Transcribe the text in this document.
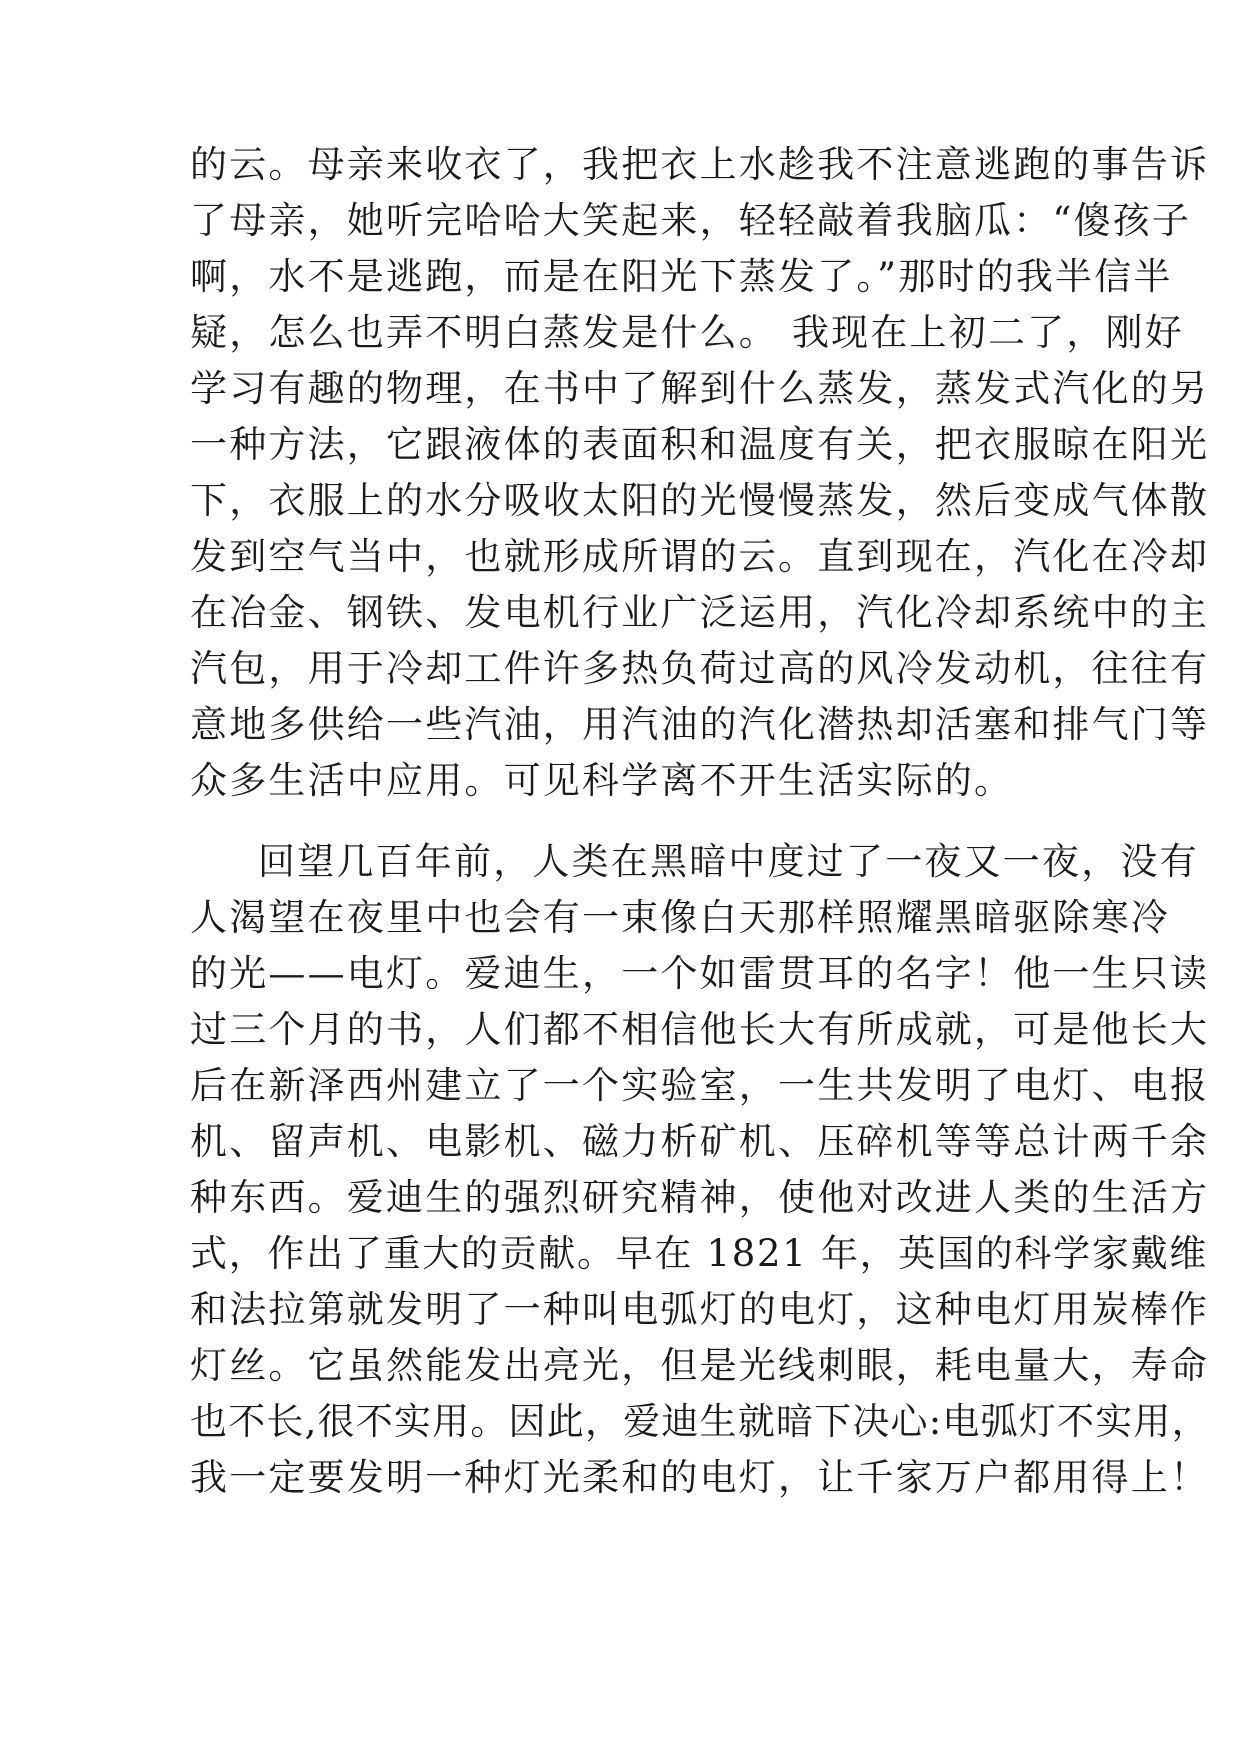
的云。母亲来收衣了，我把衣上水趁我不注意逃跑的事告诉
了母亲，她听完哈哈大笑起来，轻轻敲着我脑瓜：“傻孩子
啊，水不是逃跑，而是在阳光下蒸发了。”那时的我半信半
疑，怎么也弄不明白蒸发是什么。 我现在上初二了，刚好
学习有趣的物理，在书中了解到什么蒸发，蒸发式汽化的另
一种方法，它跟液体的表面积和温度有关，把衣服晾在阳光
下，衣服上的水分吸收太阳的光慢慢蒸发，然后变成气体散
发到空气当中，也就形成所谓的云。直到现在，汽化在冷却
在冶金、钢铁、发电机行业广泛运用，汽化冷却系统中的主
汽包，用于冷却工件许多热负荷过高的风冷发动机，往往有
意地多供给一些汽油，用汽油的汽化潜热却活塞和排气门等
众多生活中应用。可见科学离不开生活实际的。
回望几百年前，人类在黑暗中度过了一夜又一夜，没有
人渴望在夜里中也会有一束像白天那样照耀黑暗驱除寒冷
的光——电灯。爱迪生，一个如雷贯耳的名字！他一生只读
过三个月的书，人们都不相信他长大有所成就，可是他长大
后在新泽西州建立了一个实验室，一生共发明了电灯、电报
机、留声机、电影机、磁力析矿机、压碎机等等总计两千余
种东西。爱迪生的强烈研究精神，使他对改进人类的生活方
式，作出了重大的贡献。早在 1821 年，英国的科学家戴维
和法拉第就发明了一种叫电弧灯的电灯，这种电灯用炭棒作
灯丝。它虽然能发出亮光，但是光线刺眼，耗电量大，寿命
也不长,很不实用。因此，爱迪生就暗下决心:电弧灯不实用，
我一定要发明一种灯光柔和的电灯，让千家万户都用得上！
